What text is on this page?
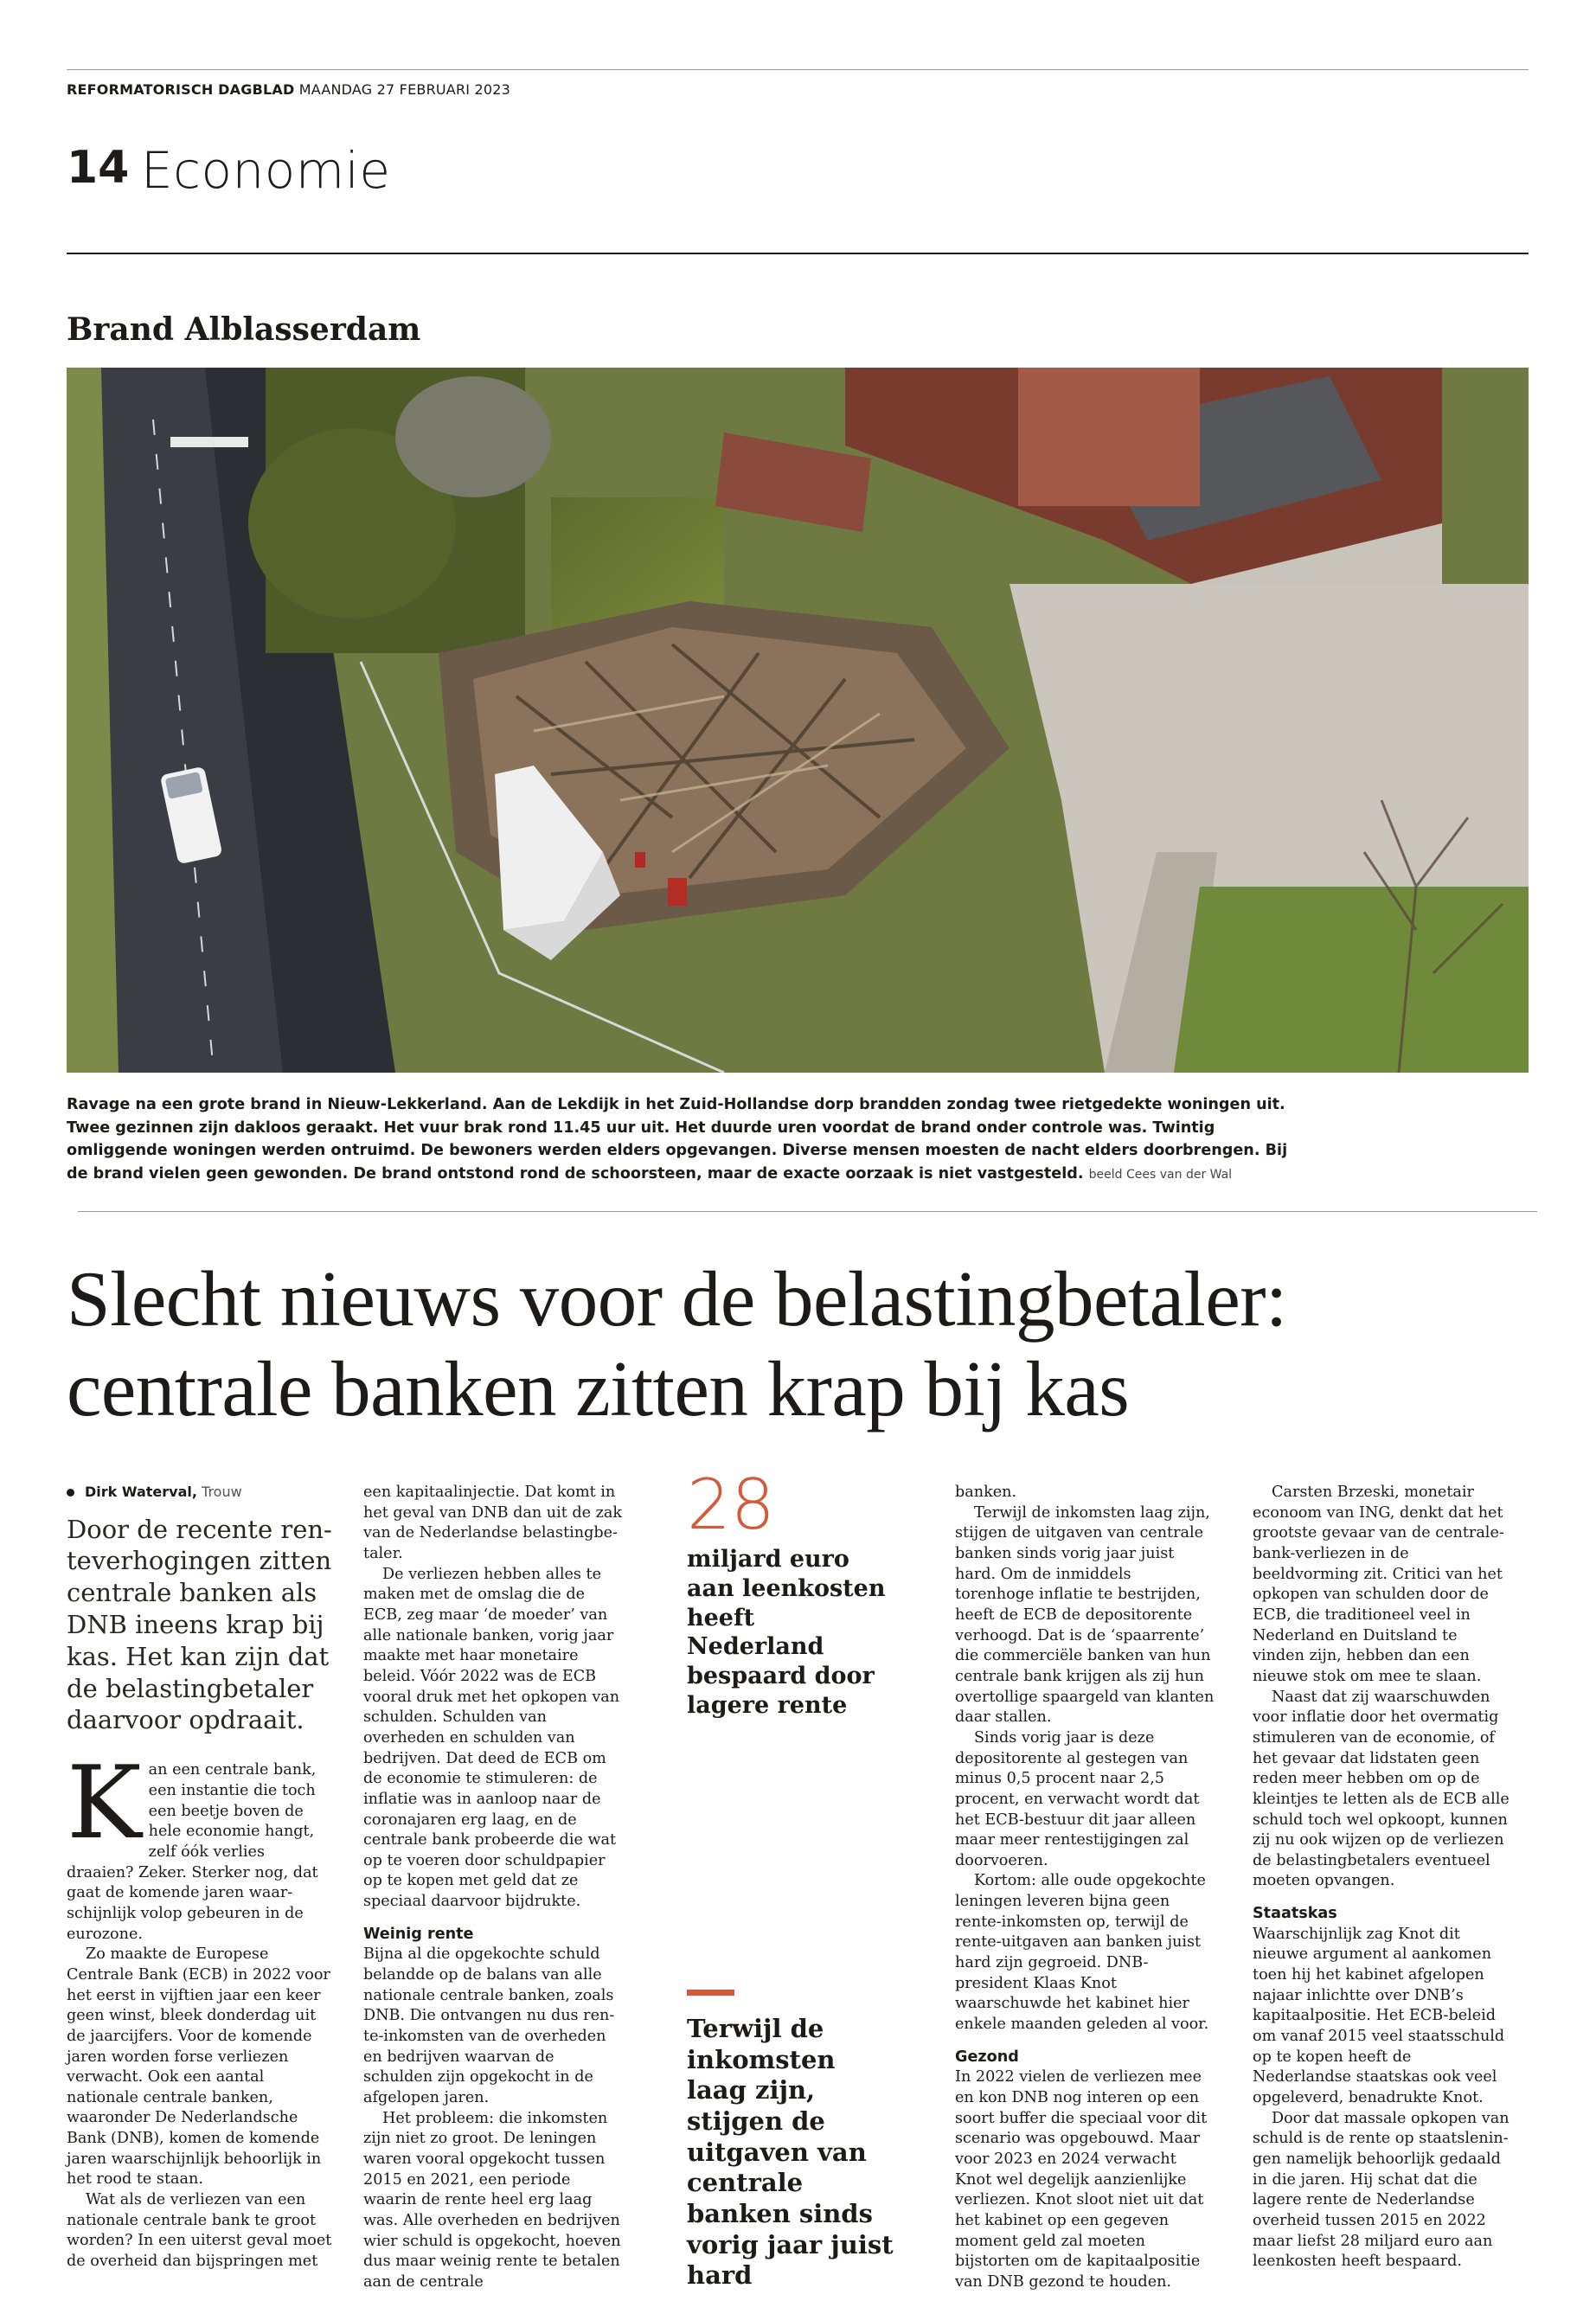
REFORMATORISCH DAGBLAD MAANDAG 27 FEBRUARI 2023
14 Economie
Brand Alblasserdam
Ravage na een grote brand in Nieuw-Lekkerland. Aan de Lekdijk in het Zuid-Hollandse dorp brandden zondag twee rietgedekte woningen uit. Twee gezinnen zijn dakloos geraakt. Het vuur brak rond 11.45 uur uit. Het duurde uren voordat de brand onder controle was. Twintig omliggende woningen werden ontruimd. De bewoners werden elders opgevangen. Diverse mensen moesten de nacht elders doorbrengen. Bij de brand vielen geen gewonden. De brand ontstond rond de schoorsteen, maar de exacte oorzaak is niet vastgesteld. beeld Cees van der Wal
Slecht nieuws voor de belastingbetaler:
centrale banken zitten krap bij kas
Dirk Waterval, Trouw
Door de recente renteverhogingen zitten centrale banken als DNB ineens krap bij kas. Het kan zijn dat de belastingbetaler daarvoor opdraait.

Kan een centrale bank, een instantie die toch een beetje boven de hele economie hangt, zelf óók verlies draaien? Zeker. Sterker nog, dat gaat de komende jaren waarschijnlijk volop gebeuren in de eurozone.

Zo maakte de Europese Centrale Bank (ECB) in 2022 voor het eerst in vijftien jaar een keer geen winst, bleek donderdag uit de jaarcijfers. Voor de komende jaren worden forse verliezen verwacht. Ook een aantal nationale centrale banken, waaronder De Nederlandsche Bank (DNB), komen de komende jaren waarschijnlijk behoorlijk in het rood te staan.

Wat als de verliezen van een nationale centrale bank te groot worden? In een uiterst geval moet de overheid dan bijspringen met

een kapitaalinjectie. Dat komt in het geval van DNB dan uit de zak van de Nederlandse belastingbetaler.

De verliezen hebben alles te maken met de omslag die de ECB, zeg maar ‘de moeder’ van alle nationale banken, vorig jaar maakte met haar monetaire beleid. Vóór 2022 was de ECB vooral druk met het opkopen van schulden. Schulden van overheden en schulden van bedrijven. Dat deed de ECB om de economie te stimuleren: de inflatie was in aanloop naar de coronajaren erg laag, en de centrale bank probeerde die wat op te voeren door schuldpapier op te kopen met geld dat ze speciaal daarvoor bijdrukte.

Weinig rente

Bijna al die opgekochte schuld belandde op de balans van alle nationale centrale banken, zoals DNB. Die ontvangen nu dus rente-inkomsten van de overheden en bedrijven waarvan de schulden zijn opgekocht in de afgelopen jaren.

Het probleem: die inkomsten zijn niet zo groot. De leningen waren vooral opgekocht tussen 2015 en 2021, een periode waarin de rente heel erg laag was. Alle overheden en bedrijven wier schuld is opgekocht, hoeven dus maar weinig rente te betalen aan de centrale

28
miljard euro aan leenkosten heeft Nederland bespaard door lagere rente
Terwijl de inkomsten laag zijn, stijgen de uitgaven van centrale banken sinds vorig jaar juist hard

banken.

Terwijl de inkomsten laag zijn, stijgen de uitgaven van centrale banken sinds vorig jaar juist hard. Om de inmiddels torenhoge inflatie te bestrijden, heeft de ECB de depositorente verhoogd. Dat is de ‘spaarrente’ die commerciële banken van hun centrale bank krijgen als zij hun overtollige spaargeld van klanten daar stallen.

Sinds vorig jaar is deze depositorente al gestegen van minus 0,5 procent naar 2,5 procent, en verwacht wordt dat het ECB-bestuur dit jaar alleen maar meer rentestijgingen zal doorvoeren.

Kortom: alle oude opgekochte leningen leveren bijna geen rente-inkomsten op, terwijl de rente-uitgaven aan banken juist hard zijn gegroeid. DNB-president Klaas Knot waarschuwde het kabinet hier enkele maanden geleden al voor.

Gezond

In 2022 vielen de verliezen mee en kon DNB nog interen op een soort buffer die speciaal voor dit scenario was opgebouwd. Maar voor 2023 en 2024 verwacht Knot wel degelijk aanzienlijke verliezen. Knot sloot niet uit dat het kabinet op een gegeven moment geld zal moeten bijstorten om de kapitaalpositie van DNB gezond te houden.

Carsten Brzeski, monetair econoom van ING, denkt dat het grootste gevaar van de centralebank-verliezen in de beeldvorming zit. Critici van het opkopen van schulden door de ECB, die traditioneel veel in Nederland en Duitsland te vinden zijn, hebben dan een nieuwe stok om mee te slaan.

Naast dat zij waarschuwden voor inflatie door het overmatig stimuleren van de economie, of het gevaar dat lidstaten geen reden meer hebben om op de kleintjes te letten als de ECB alle schuld toch wel opkoopt, kunnen zij nu ook wijzen op de verliezen de belastingbetalers eventueel moeten opvangen.

Staatskas

Waarschijnlijk zag Knot dit nieuwe argument al aankomen toen hij het kabinet afgelopen najaar inlichtte over DNB’s kapitaalpositie. Het ECB-beleid om vanaf 2015 veel staatsschuld op te kopen heeft de Nederlandse staatskas ook veel opgeleverd, benadrukte Knot.

Door dat massale opkopen van schuld is de rente op staatsleningen namelijk behoorlijk gedaald in die jaren. Hij schat dat die lagere rente de Nederlandse overheid tussen 2015 en 2022 maar liefst 28 miljard euro aan leenkosten heeft bespaard.
